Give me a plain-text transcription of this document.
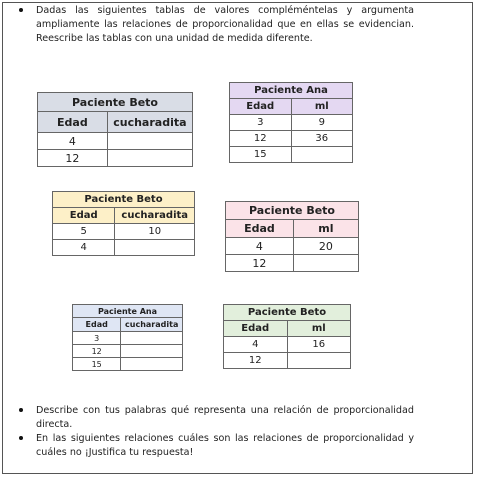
Dadas las siguientes tablas de valores compléméntelas y argumenta ampliamente las relaciones de proporcionalidad que en ellas se evidencian. Reescribe las tablas con una unidad de medida diferente.
Paciente Beto	
Edad	cucharadita
4	
12	
Paciente Ana	
Edad	ml
3	9
12	36
15	
Paciente Beto	
Edad	cucharadita
5	10
4	
Paciente Beto	
Edad	ml
4	20
12	
Paciente Ana	
Edad	cucharadita
3	
12	
15	
Paciente Beto	
Edad	ml
4	16
12	
Describe con tus palabras qué representa una relación de proporcionalidad directa.
En las siguientes relaciones cuáles son las relaciones de proporcionalidad y cuáles no ¡Justifica tu respuesta!
